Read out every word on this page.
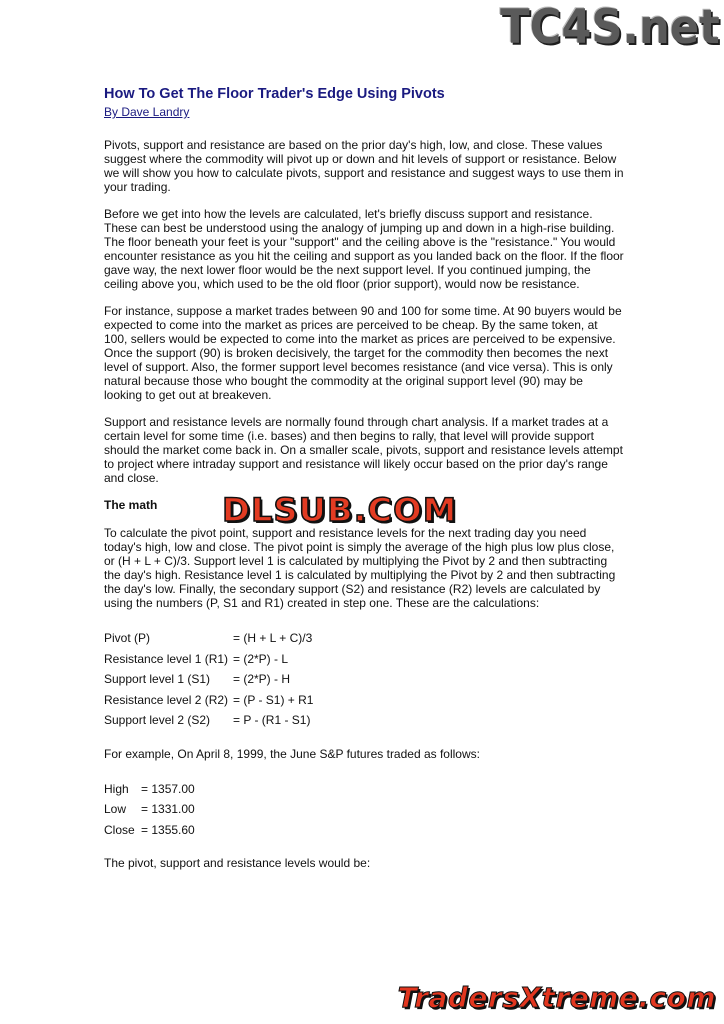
TC4S.net
How To Get The Floor Trader's Edge Using Pivots
By Dave Landry

Pivots, support and resistance are based on the prior day's high, low, and close. These values suggest where the commodity will pivot up or down and hit levels of support or resistance. Below we will show you how to calculate pivots, support and resistance and suggest ways to use them in your trading.

Before we get into how the levels are calculated, let's briefly discuss support and resistance. These can best be understood using the analogy of jumping up and down in a high-rise building. The floor beneath your feet is your "support" and the ceiling above is the "resistance." You would encounter resistance as you hit the ceiling and support as you landed back on the floor. If the floor gave way, the next lower floor would be the next support level. If you continued jumping, the ceiling above you, which used to be the old floor (prior support), would now be resistance.

For instance, suppose a market trades between 90 and 100 for some time. At 90 buyers would be expected to come into the market as prices are perceived to be cheap. By the same token, at 100, sellers would be expected to come into the market as prices are perceived to be expensive. Once the support (90) is broken decisively, the target for the commodity then becomes the next level of support. Also, the former support level becomes resistance (and vice versa). This is only natural because those who bought the commodity at the original support level (90) may be looking to get out at breakeven.

Support and resistance levels are normally found through chart analysis. If a market trades at a certain level for some time (i.e. bases) and then begins to rally, that level will provide support should the market come back in. On a smaller scale, pivots, support and resistance levels attempt to project where intraday support and resistance will likely occur based on the prior day's range and close.

The math

To calculate the pivot point, support and resistance levels for the next trading day you need today's high, low and close. The pivot point is simply the average of the high plus low plus close, or (H + L + C)/3. Support level 1 is calculated by multiplying the Pivot by 2 and then subtracting the day's high. Resistance level 1 is calculated by multiplying the Pivot by 2 and then subtracting the day's low. Finally, the secondary support (S2) and resistance (R2) levels are calculated by using the numbers (P, S1 and R1) created in step one. These are the calculations:

Pivot (P)	= (H + L + C)/3
Resistance level 1 (R1)	= (2*P) - L
Support level 1 (S1)	= (2*P) - H
Resistance level 2 (R2)	= (P - S1) + R1
Support level 2 (S2)	= P - (R1 - S1)

For example, On April 8, 1999, the June S&P futures traded as follows:

High	= 1357.00
Low	= 1331.00
Close	= 1355.60

The pivot, support and resistance levels would be:

DLSUB.COM
TradersXtreme.com
